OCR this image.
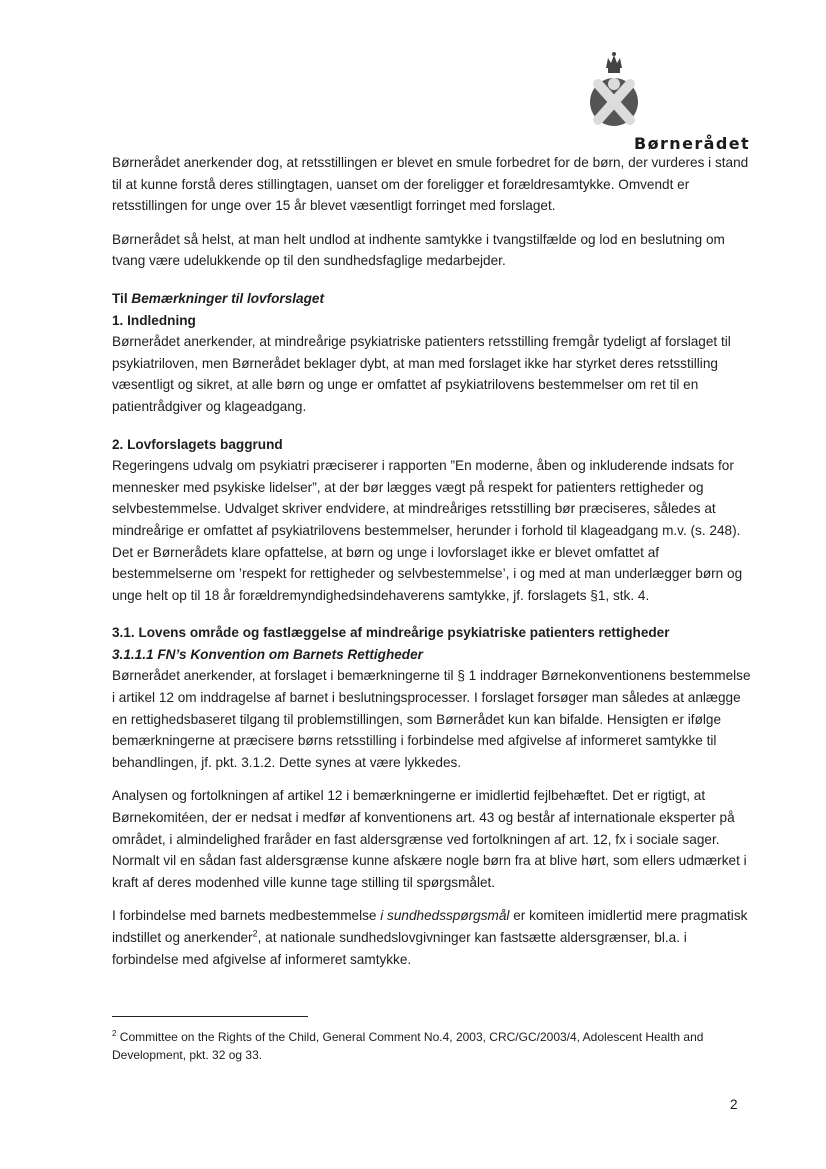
Børnerådet

Børnerådet anerkender dog, at retsstillingen er blevet en smule forbedret for de børn, der vurderes i stand til at kunne forstå deres stillingtagen, uanset om der foreligger et forældresamtykke. Omvendt er retsstillingen for unge over 15 år blevet væsentligt forringet med forslaget.

Børnerådet så helst, at man helt undlod at indhente samtykke i tvangstilfælde og lod en beslutning om tvang være udelukkende op til den sundhedsfaglige medarbejder.

Til Bemærkninger til lovforslaget

1. Indledning

Børnerådet anerkender, at mindreårige psykiatriske patienters retsstilling fremgår tydeligt af forslaget til psykiatriloven, men Børnerådet beklager dybt, at man med forslaget ikke har styrket deres retsstilling væsentligt og sikret, at alle børn og unge er omfattet af psykiatrilovens bestemmelser om ret til en patientrådgiver og klageadgang.

2. Lovforslagets baggrund

Regeringens udvalg om psykiatri præciserer i rapporten ”En moderne, åben og inkluderende indsats for mennesker med psykiske lidelser”, at der bør lægges vægt på respekt for patienters rettigheder og selvbestemmelse. Udvalget skriver endvidere, at mindreåriges retsstilling bør præciseres, således at mindreårige er omfattet af psykiatrilovens bestemmelser, herunder i forhold til klageadgang m.v. (s. 248). Det er Børnerådets klare opfattelse, at børn og unge i lovforslaget ikke er blevet omfattet af bestemmelserne om ’respekt for rettigheder og selvbestemmelse’, i og med at man underlægger børn og unge helt op til 18 år forældremyndighedsindehaverens samtykke, jf. forslagets §1, stk. 4.

3.1. Lovens område og fastlæggelse af mindreårige psykiatriske patienters rettigheder

3.1.1.1 FN’s Konvention om Barnets Rettigheder

Børnerådet anerkender, at forslaget i bemærkningerne til § 1 inddrager Børnekonventionens bestemmelse i artikel 12 om inddragelse af barnet i beslutningsprocesser. I forslaget forsøger man således at anlægge en rettighedsbaseret tilgang til problemstillingen, som Børnerådet kun kan bifalde. Hensigten er ifølge bemærkningerne at præcisere børns retsstilling i forbindelse med afgivelse af informeret samtykke til behandlingen, jf. pkt. 3.1.2. Dette synes at være lykkedes.

Analysen og fortolkningen af artikel 12 i bemærkningerne er imidlertid fejlbehæftet. Det er rigtigt, at Børnekomitéen, der er nedsat i medfør af konventionens art. 43 og består af internationale eksperter på området, i almindelighed fraråder en fast aldersgrænse ved fortolkningen af art. 12, fx i sociale sager. Normalt vil en sådan fast aldersgrænse kunne afskære nogle børn fra at blive hørt, som ellers udmærket i kraft af deres modenhed ville kunne tage stilling til spørgsmålet.

I forbindelse med barnets medbestemmelse i sundhedsspørgsmål er komiteen imidlertid mere pragmatisk indstillet og anerkender$^2$, at nationale sundhedslovgivninger kan fastsætte aldersgrænser, bl.a. i forbindelse med afgivelse af informeret samtykke.

$^2$ Committee on the Rights of the Child, General Comment No.4, 2003, CRC/GC/2003/4, Adolescent Health and Development, pkt. 32 og 33.
2
